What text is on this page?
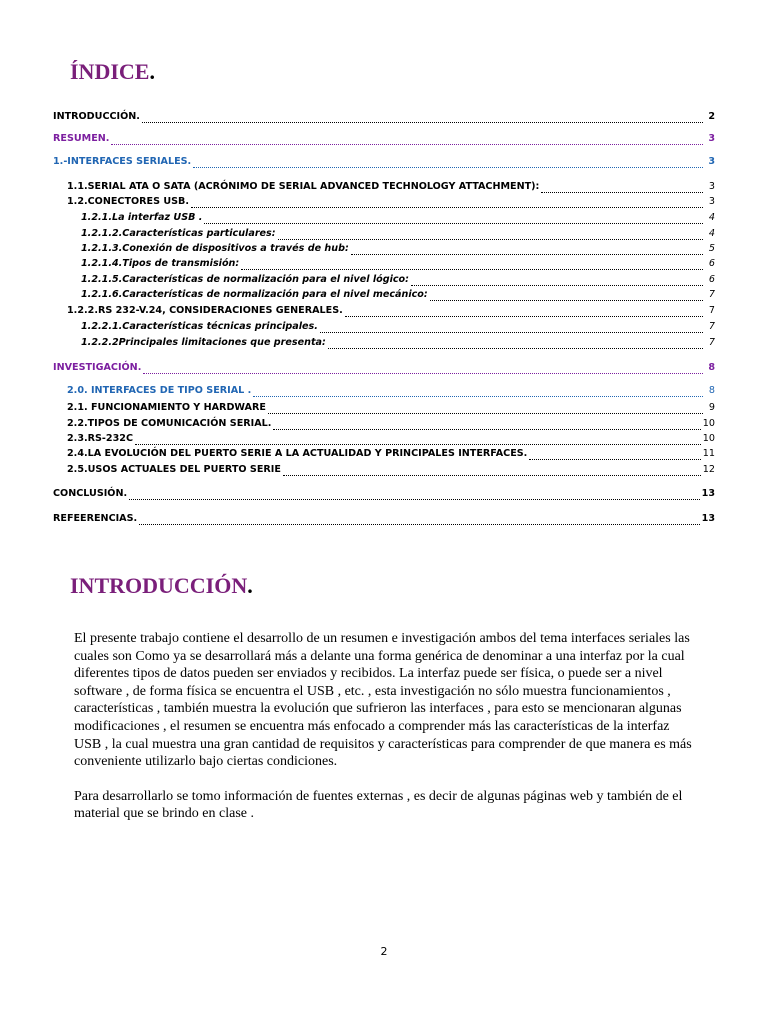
ÍNDICE.
INTRODUCCIÓN.	2
RESUMEN.	3
1.-INTERFACES SERIALES.	3
1.1.SERIAL ATA O SATA (ACRÓNIMO DE SERIAL ADVANCED TECHNOLOGY ATTACHMENT):	3
1.2.CONECTORES USB.	3
1.2.1.La interfaz USB .	4
1.2.1.2.Características particulares:	4
1.2.1.3.Conexión de dispositivos a través de hub:	5
1.2.1.4.Tipos de transmisión:	6
1.2.1.5.Características de normalización para el nivel lógico:	6
1.2.1.6.Características de normalización para el nivel mecánico:	7
1.2.2.RS 232-V.24, CONSIDERACIONES GENERALES.	7
1.2.2.1.Características técnicas principales.	7
1.2.2.2Principales limitaciones que presenta:	7
INVESTIGACIÓN.	8
2.0. INTERFACES DE TIPO SERIAL .	8
2.1. FUNCIONAMIENTO Y HARDWARE	9
2.2.TIPOS DE COMUNICACIÓN SERIAL.	10
2.3.RS-232C	10
2.4.LA EVOLUCIÓN DEL PUERTO SERIE A LA ACTUALIDAD Y PRINCIPALES INTERFACES.	11
2.5.USOS ACTUALES DEL PUERTO SERIE	12
CONCLUSIÓN.	13
REFEERENCIAS.	13
INTRODUCCIÓN.

El presente trabajo contiene el desarrollo de un resumen e investigación ambos del tema interfaces seriales las cuales son Como ya se desarrollará más a delante una forma genérica de denominar a una interfaz por la cual diferentes tipos de datos pueden ser enviados y recibidos. La interfaz puede ser física, o puede ser a nivel software , de forma física se encuentra el USB , etc. , esta investigación no sólo muestra funcionamientos , características , también muestra la evolución que sufrieron las interfaces , para esto se mencionaran algunas modificaciones , el resumen se encuentra más enfocado a comprender más las características de la interfaz USB , la cual muestra una gran cantidad de requisitos y características para comprender de que manera es más conveniente utilizarlo bajo ciertas condiciones.

Para desarrollarlo se tomo información de fuentes externas , es decir de algunas páginas web y también de el material que se brindo en clase .

2
